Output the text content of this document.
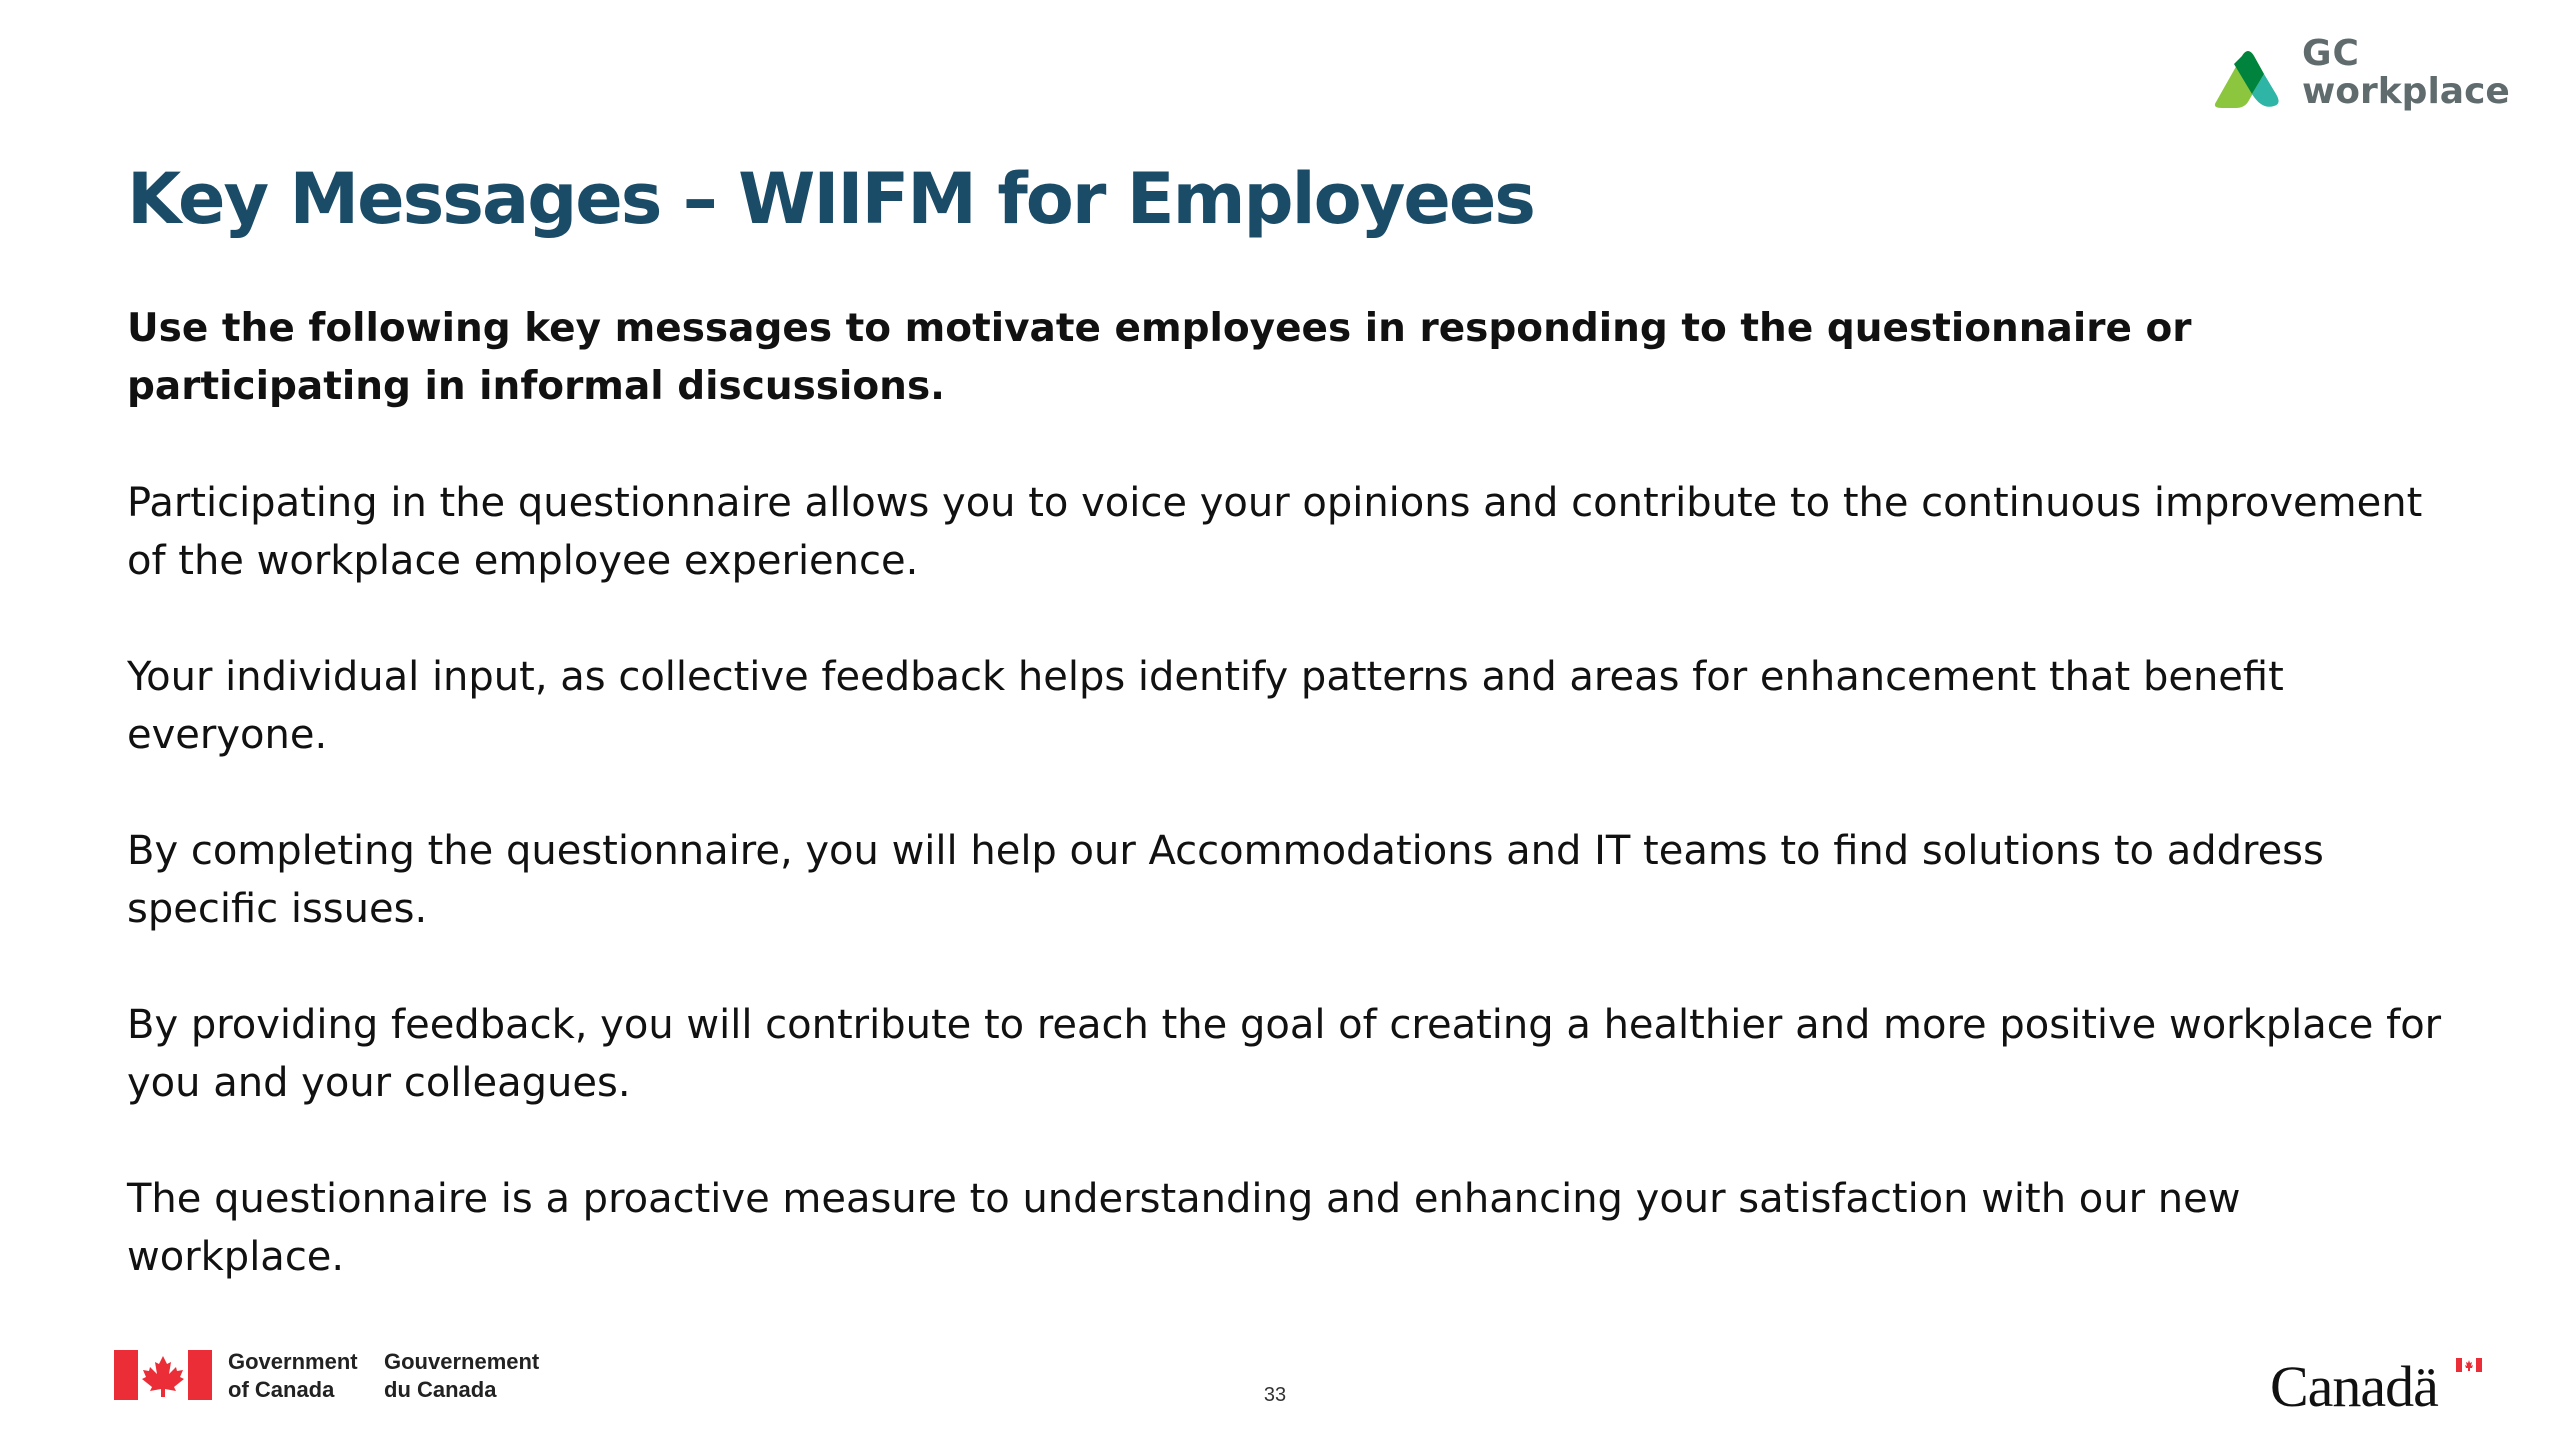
GC
workplace
Key Messages – WIIFM for Employees

Use the following key messages to motivate employees in responding to the questionnaire or participating in informal discussions.

Participating in the questionnaire allows you to voice your opinions and contribute to the continuous improvement of the workplace employee experience.

Your individual input, as collective feedback helps identify patterns and areas for enhancement that benefit everyone.

By completing the questionnaire, you will help our Accommodations and IT teams to find solutions to address specific issues.

By providing feedback, you will contribute to reach the goal of creating a healthier and more positive workplace for you and your colleagues.

The questionnaire is a proactive measure to understanding and enhancing your satisfaction with our new workplace.

Government
of Canada
Gouvernement
du Canada	33	Canadä
